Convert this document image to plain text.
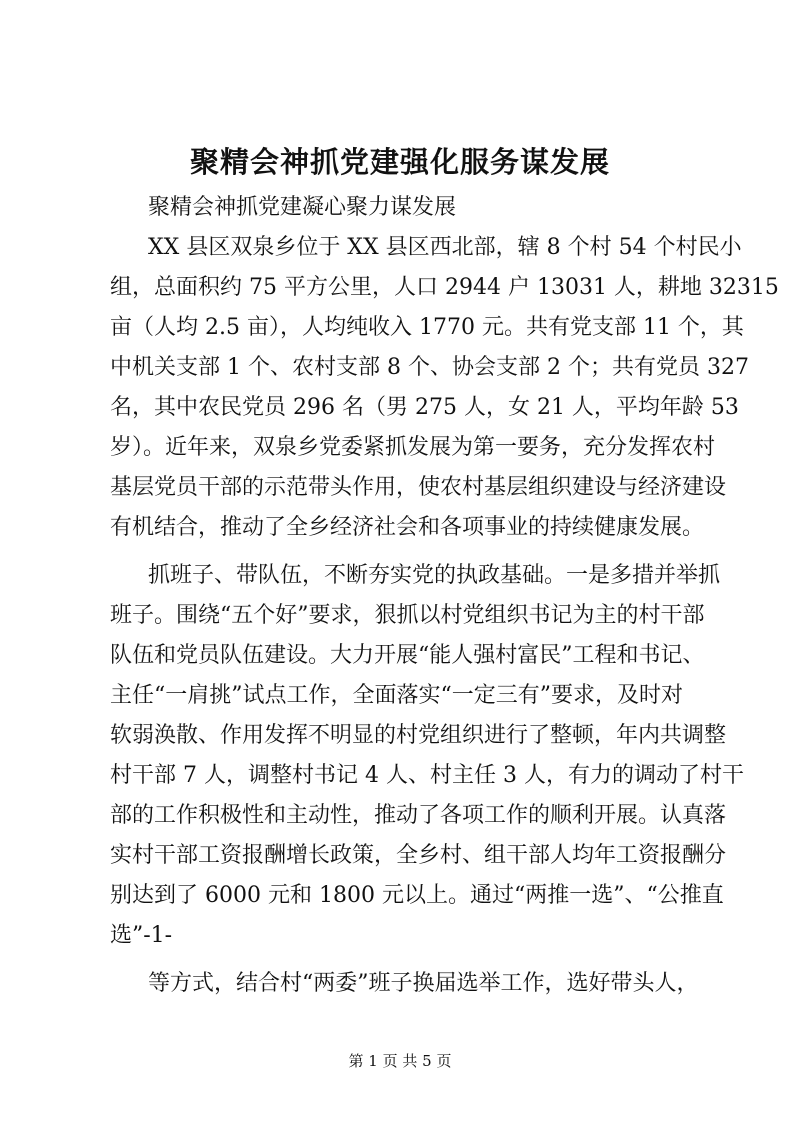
聚精会神抓党建强化服务谋发展
聚精会神抓党建凝心聚力谋发展
XX 县区双泉乡位于 XX 县区西北部，辖 8 个村 54 个村民小
组，总面积约 75 平方公里，人口 2944 户 13031 人，耕地 32315
亩（人均 2.5 亩），人均纯收入 1770 元。共有党支部 11 个，其
中机关支部 1 个、农村支部 8 个、协会支部 2 个；共有党员 327
名，其中农民党员 296 名（男 275 人，女 21 人，平均年龄 53
岁）。近年来，双泉乡党委紧抓发展为第一要务，充分发挥农村
基层党员干部的示范带头作用，使农村基层组织建设与经济建设
有机结合，推动了全乡经济社会和各项事业的持续健康发展。
抓班子、带队伍，不断夯实党的执政基础。一是多措并举抓
班子。围绕“五个好”要求，狠抓以村党组织书记为主的村干部
队伍和党员队伍建设。大力开展“能人强村富民”工程和书记、
主任“一肩挑”试点工作，全面落实“一定三有”要求，及时对
软弱涣散、作用发挥不明显的村党组织进行了整顿，年内共调整
村干部 7 人，调整村书记 4 人、村主任 3 人，有力的调动了村干
部的工作积极性和主动性，推动了各项工作的顺利开展。认真落
实村干部工资报酬增长政策，全乡村、组干部人均年工资报酬分
别达到了 6000 元和 1800 元以上。通过“两推一选”、“公推直
选”-1-
等方式，结合村“两委”班子换届选举工作，选好带头人，
第 1 页 共 5 页
